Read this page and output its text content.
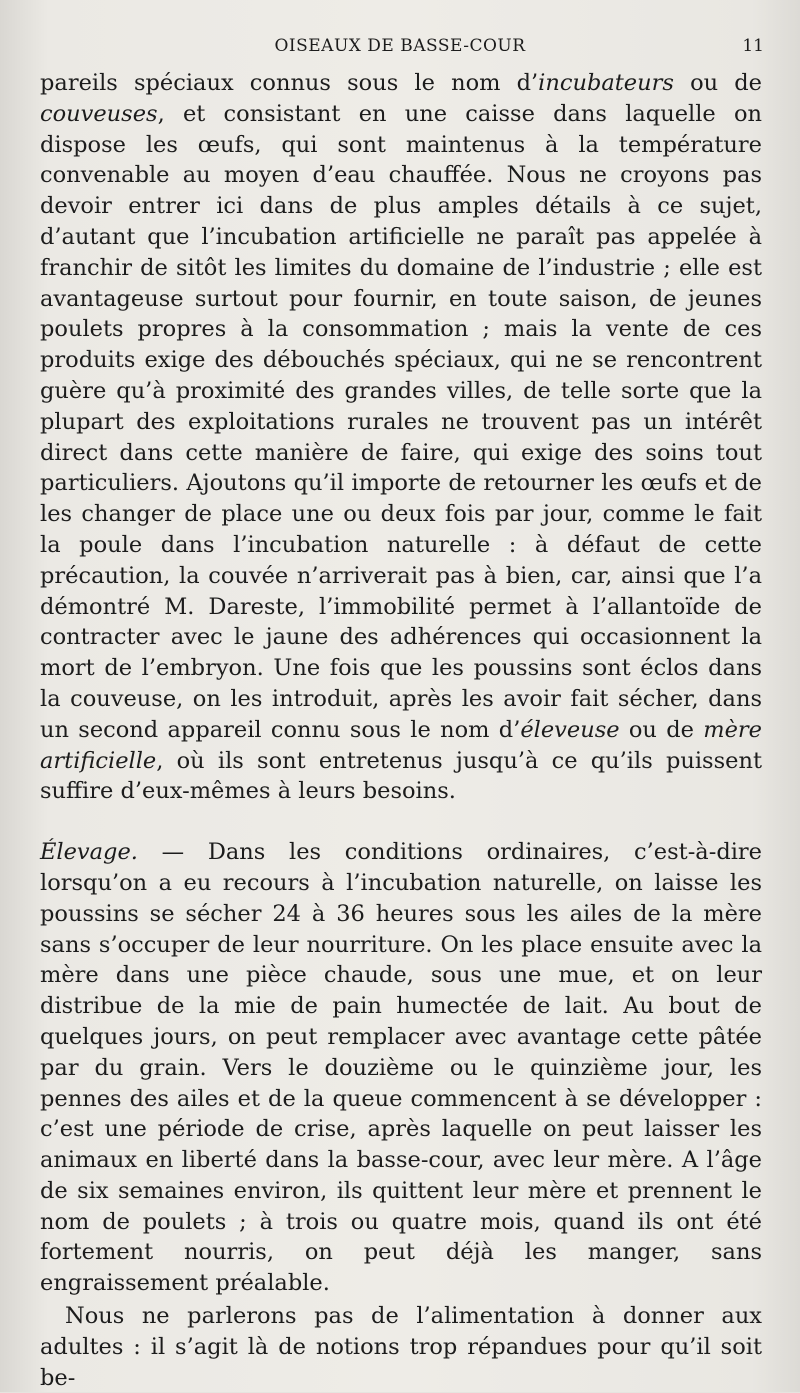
OISEAUX DE BASSE-COUR	11

pareils spéciaux connus sous le nom d’incubateurs ou de couveuses, et consistant en une caisse dans laquelle on dispose les œufs, qui sont maintenus à la température convenable au moyen d’eau chauffée. Nous ne croyons pas devoir entrer ici dans de plus amples détails à ce sujet, d’autant que l’incubation artificielle ne paraît pas appelée à franchir de sitôt les limites du domaine de l’industrie ; elle est avantageuse surtout pour fournir, en toute saison, de jeunes poulets propres à la consommation ; mais la vente de ces produits exige des débouchés spéciaux, qui ne se rencontrent guère qu’à proximité des grandes villes, de telle sorte que la plupart des exploitations rurales ne trouvent pas un intérêt direct dans cette manière de faire, qui exige des soins tout particuliers. Ajoutons qu’il importe de retourner les œufs et de les changer de place une ou deux fois par jour, comme le fait la poule dans l’incubation naturelle : à défaut de cette précaution, la couvée n’arriverait pas à bien, car, ainsi que l’a démontré M. Dareste, l’immobilité permet à l’allantoïde de contracter avec le jaune des adhérences qui occasionnent la mort de l’embryon. Une fois que les poussins sont éclos dans la couveuse, on les introduit, après les avoir fait sécher, dans un second appareil connu sous le nom d’éleveuse ou de mère artificielle, où ils sont entretenus jusqu’à ce qu’ils puissent suffire d’eux-mêmes à leurs besoins.

Élevage. — Dans les conditions ordinaires, c’est-à-dire lorsqu’on a eu recours à l’incubation naturelle, on laisse les poussins se sécher 24 à 36 heures sous les ailes de la mère sans s’occuper de leur nourriture. On les place ensuite avec la mère dans une pièce chaude, sous une mue, et on leur distribue de la mie de pain humectée de lait. Au bout de quelques jours, on peut remplacer avec avantage cette pâtée par du grain. Vers le douzième ou le quinzième jour, les pennes des ailes et de la queue commencent à se développer : c’est une période de crise, après laquelle on peut laisser les animaux en liberté dans la basse-cour, avec leur mère. A l’âge de six semaines environ, ils quittent leur mère et prennent le nom de poulets ; à trois ou quatre mois, quand ils ont été fortement nourris, on peut déjà les manger, sans engraissement préalable.

Nous ne parlerons pas de l’alimentation à donner aux adultes : il s’agit là de notions trop répandues pour qu’il soit be-
